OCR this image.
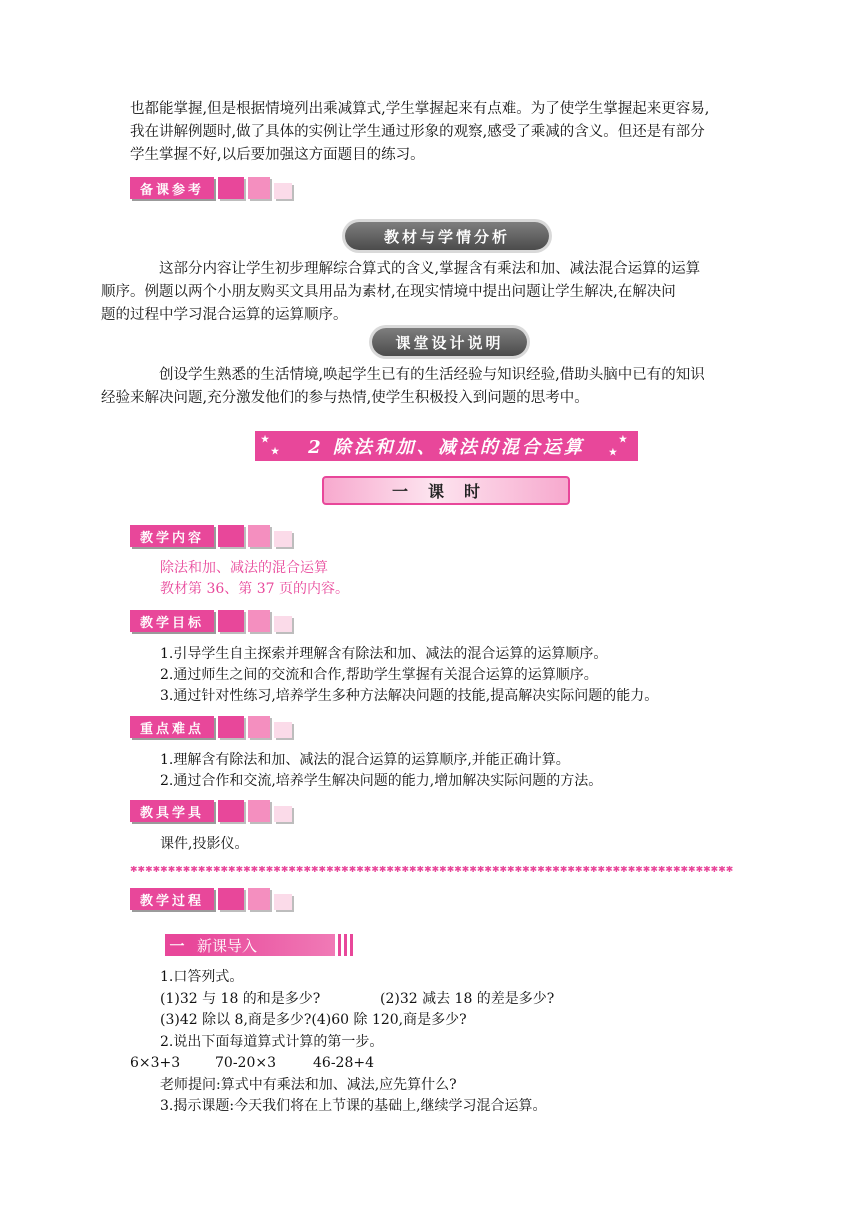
也都能掌握,但是根据情境列出乘减算式,学生掌握起来有点难。为了使学生掌握起来更容易,
我在讲解例题时,做了具体的实例让学生通过形象的观察,感受了乘减的含义。但还是有部分
学生掌握不好,以后要加强这方面题目的练习。
备课参考
教材与学情分析
这部分内容让学生初步理解综合算式的含义,掌握含有乘法和加、减法混合运算的运算
顺序。例题以两个小朋友购买文具用品为素材,在现实情境中提出问题让学生解决,在解决问
题的过程中学习混合运算的运算顺序。
课堂设计说明
创设学生熟悉的生活情境,唤起学生已有的生活经验与知识经验,借助头脑中已有的知识
经验来解决问题,充分激发他们的参与热情,使学生积极投入到问题的思考中。
★
★
★
★
2 除法和加、减法的混合运算
一课时
教学内容
除法和加、减法的混合运算
教材第 36、第 37 页的内容。
教学目标
1.引导学生自主探索并理解含有除法和加、减法的混合运算的运算顺序。
2.通过师生之间的交流和合作,帮助学生掌握有关混合运算的运算顺序。
3.通过针对性练习,培养学生多种方法解决问题的技能,提高解决实际问题的能力。
重点难点
1.理解含有除法和加、减法的混合运算的运算顺序,并能正确计算。
2.通过合作和交流,培养学生解决问题的能力,增加解决实际问题的方法。
教具学具
课件,投影仪。
✱✱✱✱✱✱✱✱✱✱✱✱✱✱✱✱✱✱✱✱✱✱✱✱✱✱✱✱✱✱✱✱✱✱✱✱✱✱✱✱✱✱✱✱✱✱✱✱✱✱✱✱✱✱✱✱✱✱✱✱✱✱✱✱✱✱✱✱✱✱✱✱✱✱✱✱✱✱✱✱
教学过程
一 新课导入
1.口答列式。
(1)32 与 18 的和是多少?	(2)32 减去 18 的差是多少?
(3)42 除以 8,商是多少?(4)60 除 120,商是多少?
2.说出下面每道算式计算的第一步。
6×3+3 70-20×3	46-28+4
老师提问:算式中有乘法和加、减法,应先算什么?
3.揭示课题:今天我们将在上节课的基础上,继续学习混合运算。
